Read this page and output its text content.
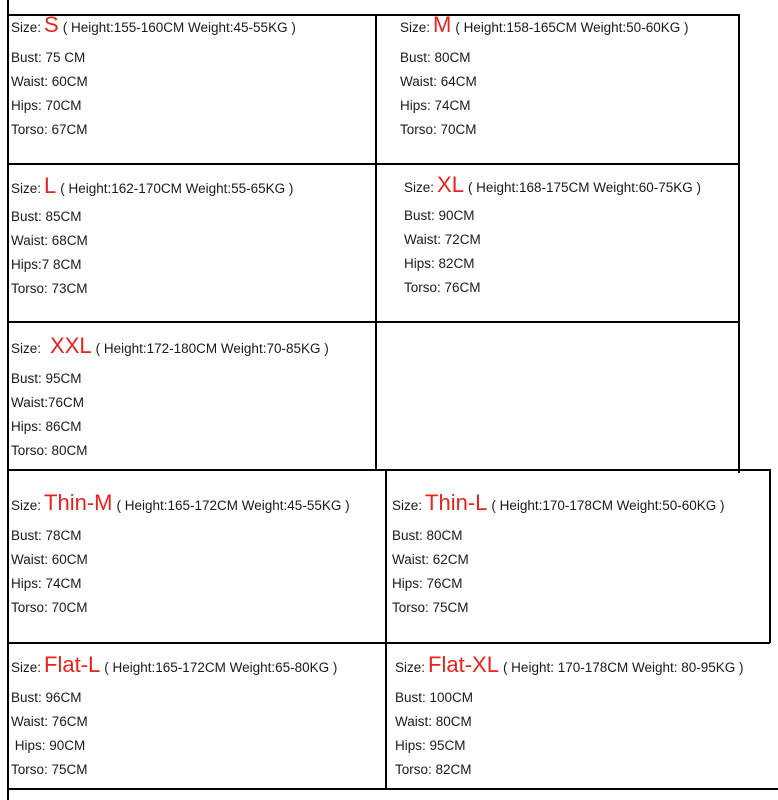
Size: S ( Height:155-160CM Weight:45-55KG )
Bust: 75 CM
Waist: 60CM
Hips: 70CM
Torso: 67CM
Size: M ( Height:158-165CM Weight:50-60KG )
Bust: 80CM
Waist: 64CM
Hips: 74CM
Torso: 70CM
Size: L ( Height:162-170CM Weight:55-65KG )
Bust: 85CM
Waist: 68CM
Hips:7 8CM
Torso: 73CM
Size: XL ( Height:168-175CM Weight:60-75KG )
Bust: 90CM
Waist: 72CM
Hips: 82CM
Torso: 76CM
Size: XXL ( Height:172-180CM Weight:70-85KG )
Bust: 95CM
Waist:76CM
Hips: 86CM
Torso: 80CM
Size: Thin-M ( Height:165-172CM Weight:45-55KG )
Bust: 78CM
Waist: 60CM
Hips: 74CM
Torso: 70CM
Size: Thin-L ( Height:170-178CM Weight:50-60KG )
Bust: 80CM
Waist: 62CM
Hips: 76CM
Torso: 75CM
Size: Flat-L ( Height:165-172CM Weight:65-80KG )
Bust: 96CM
Waist: 76CM
Hips: 90CM
Torso: 75CM
Size: Flat-XL ( Height: 170-178CM Weight: 80-95KG )
Bust: 100CM
Waist: 80CM
Hips: 95CM
Torso: 82CM
